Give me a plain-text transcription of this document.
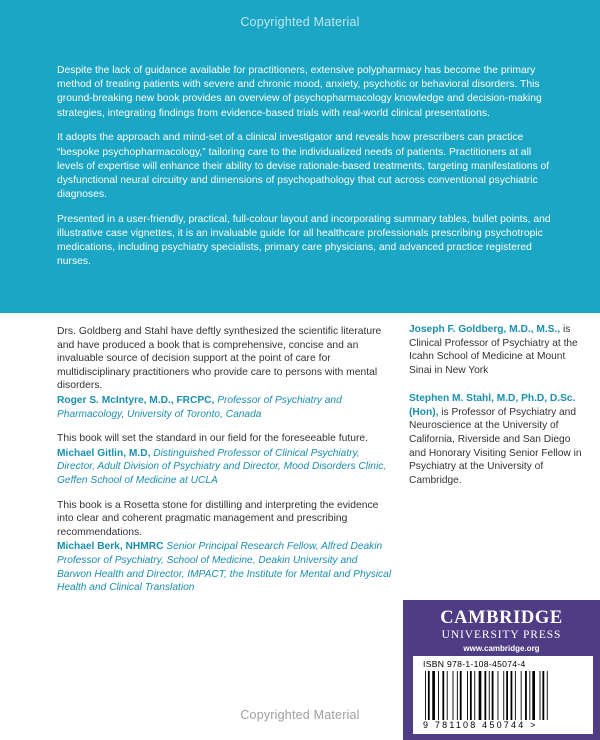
Copyrighted Material

Despite the lack of guidance available for practitioners, extensive polypharmacy has become the primary method of treating patients with severe and chronic mood, anxiety, psychotic or behavioral disorders. This ground-breaking new book provides an overview of psychopharmacology knowledge and decision-making strategies, integrating findings from evidence-based trials with real-world clinical presentations.

It adopts the approach and mind-set of a clinical investigator and reveals how prescribers can practice “bespoke psychopharmacology,” tailoring care to the individualized needs of patients. Practitioners at all levels of expertise will enhance their ability to devise rationale-based treatments, targeting manifestations of dysfunctional neural circuitry and dimensions of psychopathology that cut across conventional psychiatric diagnoses.

Presented in a user-friendly, practical, full-colour layout and incorporating summary tables, bullet points, and illustrative case vignettes, it is an invaluable guide for all healthcare professionals prescribing psychotropic medications, including psychiatry specialists, primary care physicians, and advanced practice registered nurses.

Drs. Goldberg and Stahl have deftly synthesized the scientific literature and have produced a book that is comprehensive, concise and an invaluable source of decision support at the point of care for multidisciplinary practitioners who provide care to persons with mental disorders.
Roger S. McIntyre, M.D., FRCPC, Professor of Psychiatry and Pharmacology, University of Toronto, Canada
This book will set the standard in our field for the foreseeable future.
Michael Gitlin, M.D, Distinguished Professor of Clinical Psychiatry, Director, Adult Division of Psychiatry and Director, Mood Disorders Clinic, Geffen School of Medicine at UCLA
This book is a Rosetta stone for distilling and interpreting the evidence into clear and coherent pragmatic management and prescribing recommendations.
Michael Berk, NHMRC Senior Principal Research Fellow, Alfred Deakin Professor of Psychiatry, School of Medicine, Deakin University and Barwon Health and Director, IMPACT, the Institute for Mental and Physical Health and Clinical Translation
Joseph F. Goldberg, M.D., M.S., is Clinical Professor of Psychiatry at the Icahn School of Medicine at Mount Sinai in New York
Stephen M. Stahl, M.D, Ph.D, D.Sc. (Hon), is Professor of Psychiatry and Neuroscience at the University of California, Riverside and San Diego and Honorary Visiting Senior Fellow in Psychiatry at the University of Cambridge.
CAMBRIDGE
UNIVERSITY PRESS
www.cambridge.org
ISBN 978-1-108-45074-4
9 781108 450744 >
Copyrighted Material
